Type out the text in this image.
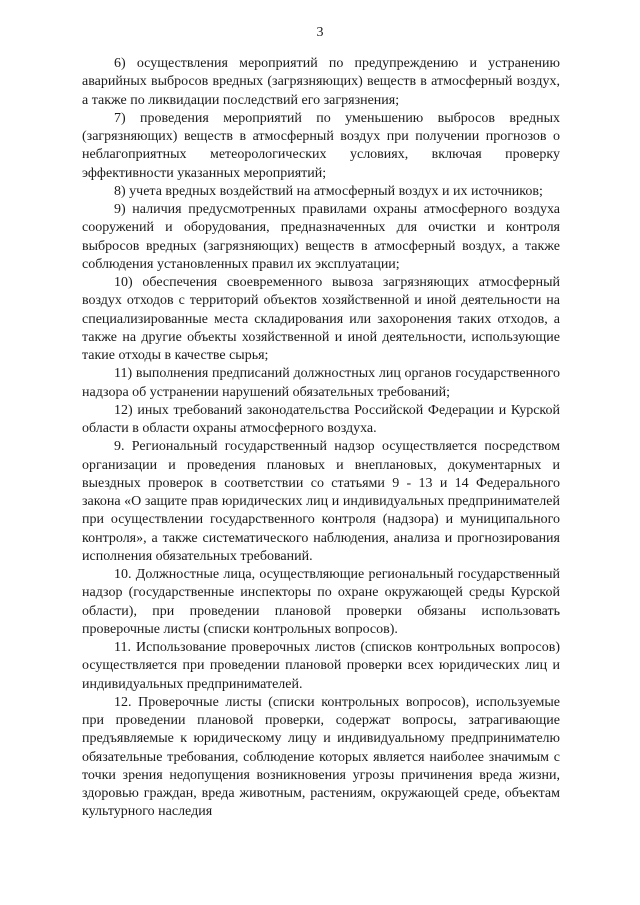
3

6) осуществления мероприятий по предупреждению и устранению аварийных выбросов вредных (загрязняющих) веществ в атмосферный воздух, а также по ликвидации последствий его загрязнения;

7) проведения мероприятий по уменьшению выбросов вредных (загрязняющих) веществ в атмосферный воздух при получении прогнозов о неблагоприятных метеорологических условиях, включая проверку эффективности указанных мероприятий;

8) учета вредных воздействий на атмосферный воздух и их источников;

9) наличия предусмотренных правилами охраны атмосферного воздуха сооружений и оборудования, предназначенных для очистки и контроля выбросов вредных (загрязняющих) веществ в атмосферный воздух, а также соблюдения установленных правил их эксплуатации;

10) обеспечения своевременного вывоза загрязняющих атмосферный воздух отходов с территорий объектов хозяйственной и иной деятельности на специализированные места складирования или захоронения таких отходов, а также на другие объекты хозяйственной и иной деятельности, использующие такие отходы в качестве сырья;

11) выполнения предписаний должностных лиц органов государственного надзора об устранении нарушений обязательных требований;

12) иных требований законодательства Российской Федерации и Курской области в области охраны атмосферного воздуха.

9. Региональный государственный надзор осуществляется посредством организации и проведения плановых и внеплановых, документарных и выездных проверок в соответствии со статьями 9 - 13 и 14 Федерального закона «О защите прав юридических лиц и индивидуальных предпринимателей при осуществлении государственного контроля (надзора) и муниципального контроля», а также систематического наблюдения, анализа и прогнозирования исполнения обязательных требований.

10. Должностные лица, осуществляющие региональный государственный надзор (государственные инспекторы по охране окружающей среды Курской области), при проведении плановой проверки обязаны использовать проверочные листы (списки контрольных вопросов).

11. Использование проверочных листов (списков контрольных вопросов) осуществляется при проведении плановой проверки всех юридических лиц и индивидуальных предпринимателей.

12. Проверочные листы (списки контрольных вопросов), используемые при проведении плановой проверки, содержат вопросы, затрагивающие предъявляемые к юридическому лицу и индивидуальному предпринимателю обязательные требования, соблюдение которых является наиболее значимым с точки зрения недопущения возникновения угрозы причинения вреда жизни, здоровью граждан, вреда животным, растениям, окружающей среде, объектам культурного наследия
